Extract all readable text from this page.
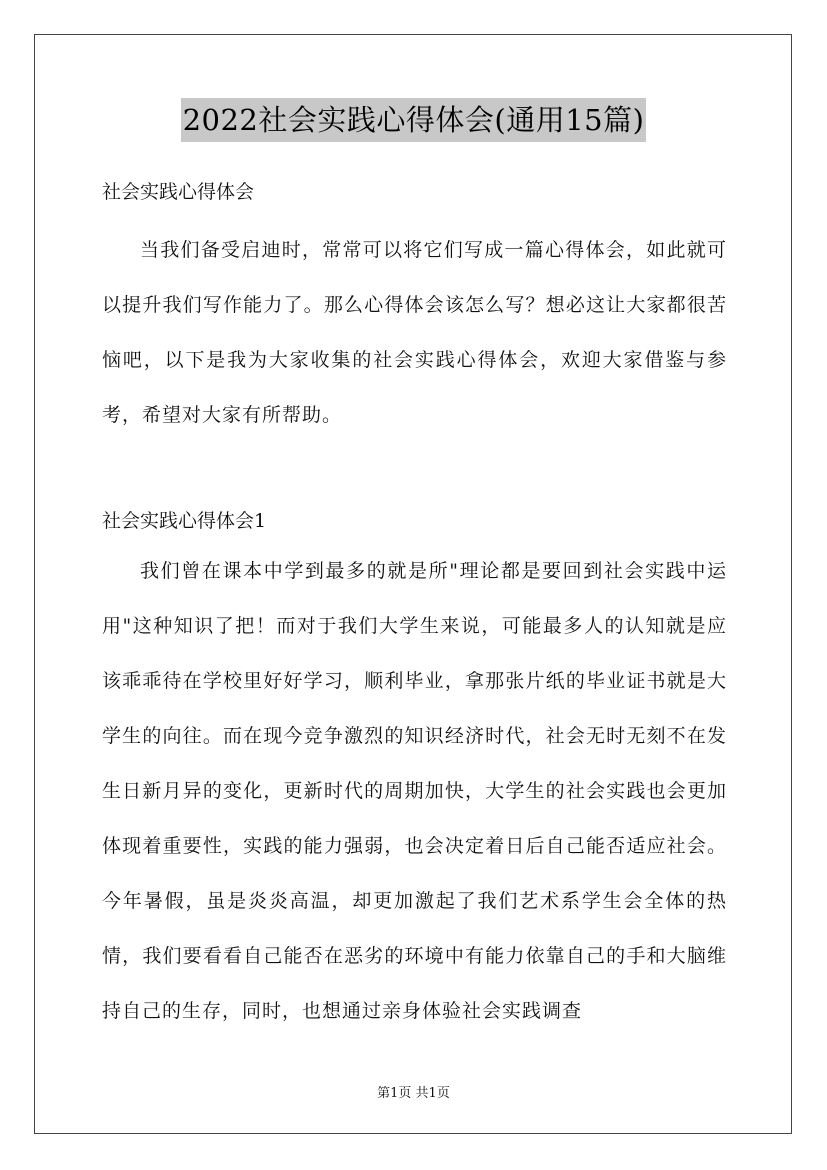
2022社会实践心得体会(通用15篇)
社会实践心得体会

当我们备受启迪时，常常可以将它们写成一篇心得体会，如此就可以提升我们写作能力了。那么心得体会该怎么写？想必这让大家都很苦恼吧，以下是我为大家收集的社会实践心得体会，欢迎大家借鉴与参考，希望对大家有所帮助。

社会实践心得体会1

我们曾在课本中学到最多的就是所"理论都是要回到社会实践中运用"这种知识了把！而对于我们大学生来说，可能最多人的认知就是应该乖乖待在学校里好好学习，顺利毕业，拿那张片纸的毕业证书就是大学生的向往。而在现今竞争激烈的知识经济时代，社会无时无刻不在发生日新月异的变化，更新时代的周期加快，大学生的社会实践也会更加体现着重要性，实践的能力强弱，也会决定着日后自己能否适应社会。今年暑假，虽是炎炎高温，却更加激起了我们艺术系学生会全体的热情，我们要看看自己能否在恶劣的环境中有能力依靠自己的手和大脑维持自己的生存，同时，也想通过亲身体验社会实践调查

第1页 共1页
